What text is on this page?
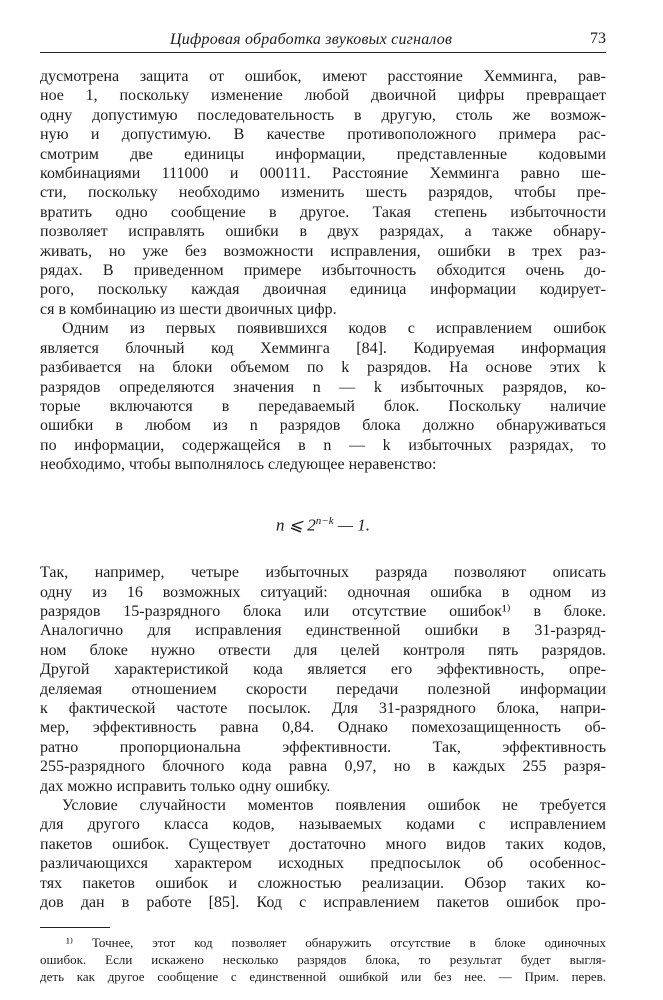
Цифровая обработка звуковых сигналов	73
дусмотрена защита от ошибок, имеют расстояние Хемминга, рав-
ное 1, поскольку изменение любой двоичной цифры превращает
одну допустимую последовательность в другую, столь же возмож-
ную и допустимую. В качестве противоположного примера рас-
смотрим две единицы информации, представленные кодовыми
комбинациями 111000 и 000111. Расстояние Хемминга равно ше-
сти, поскольку необходимо изменить шесть разрядов, чтобы пре-
вратить одно сообщение в другое. Такая степень избыточности
позволяет исправлять ошибки в двух разрядах, а также обнару-
живать, но уже без возможности исправления, ошибки в трех раз-
рядах. В приведенном примере избыточность обходится очень до-
рого, поскольку каждая двоичная единица информации кодирует-
ся в комбинацию из шести двоичных цифр.
Одним из первых появившихся кодов с исправлением ошибок
является блочный код Хемминга [84]. Кодируемая информация
разбивается на блоки объемом по k разрядов. На основе этих k
разрядов определяются значения n — k избыточных разрядов, ко-
торые включаются в передаваемый блок. Поскольку наличие
ошибки в любом из n разрядов блока должно обнаруживаться
по информации, содержащейся в n — k избыточных разрядах, то
необходимо, чтобы выполнялось следующее неравенство:
n ⩽ $2^{n-k}$ — 1.
Так, например, четыре избыточных разряда позволяют описать
одну из 16 возможных ситуаций: одночная ошибка в одном из
разрядов 15-разрядного блока или отсутствие ошибок¹⁾ в блоке.
Аналогично для исправления единственной ошибки в 31-разряд-
ном блоке нужно отвести для целей контроля пять разрядов.
Другой характеристикой кода является его эффективность, опре-
деляемая отношением скорости передачи полезной информации
к фактической частоте посылок. Для 31-разрядного блока, напри-
мер, эффективность равна 0,84. Однако помехозащищенность об-
ратно пропорциональна эффективности. Так, эффективность
255-разрядного блочного кода равна 0,97, но в каждых 255 разря-
дах можно исправить только одну ошибку.
Условие случайности моментов появления ошибок не требуется
для другого класса кодов, называемых кодами с исправлением
пакетов ошибок. Существует достаточно много видов таких кодов,
различающихся характером исходных предпосылок об особеннос-
тях пакетов ошибок и сложностью реализации. Обзор таких ко-
дов дан в работе [85]. Код с исправлением пакетов ошибок про-
¹⁾ Точнее, этот код позволяет обнаружить отсутствие в блоке одиночных
ошибок. Если искажено несколько разрядов блока, то результат будет выгля-
деть как другое сообщение с единственной ошибкой или без нее. — Прим. перев.
